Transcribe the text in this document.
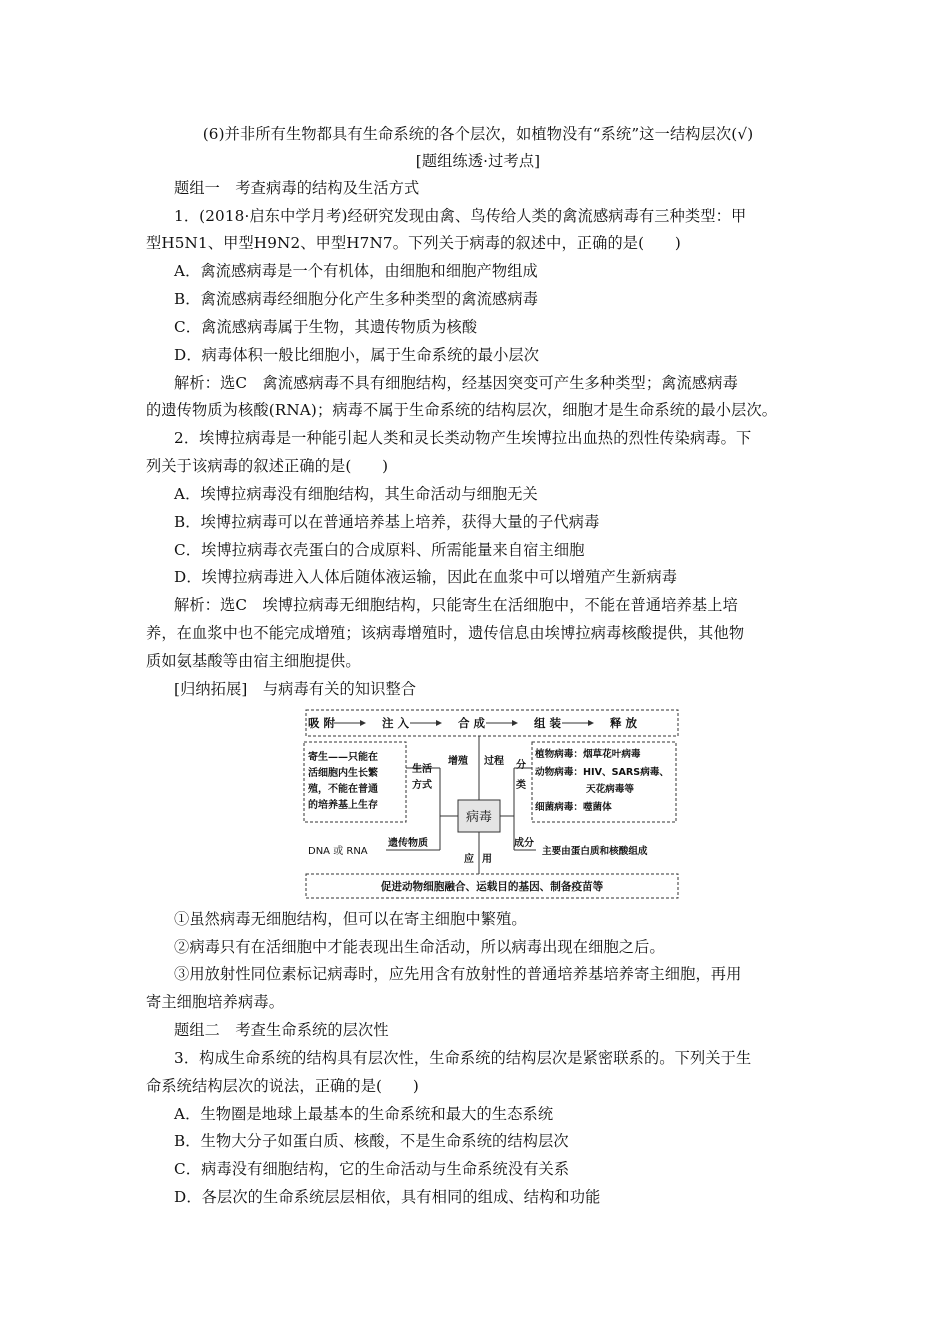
(6)并非所有生物都具有生命系统的各个层次，如植物没有“系统”这一结构层次(√)
[题组练透·过考点]
题组一　考查病毒的结构及生活方式
1．(2018·启东中学月考)经研究发现由禽、鸟传给人类的禽流感病毒有三种类型：甲
型H5N1、甲型H9N2、甲型H7N7。下列关于病毒的叙述中，正确的是(　　)
A．禽流感病毒是一个有机体，由细胞和细胞产物组成
B．禽流感病毒经细胞分化产生多种类型的禽流感病毒
C．禽流感病毒属于生物，其遗传物质为核酸
D．病毒体积一般比细胞小，属于生命系统的最小层次
解析：选C　禽流感病毒不具有细胞结构，经基因突变可产生多种类型；禽流感病毒
的遗传物质为核酸(RNA)；病毒不属于生命系统的结构层次，细胞才是生命系统的最小层次。
2．埃博拉病毒是一种能引起人类和灵长类动物产生埃博拉出血热的烈性传染病毒。下
列关于该病毒的叙述正确的是(　　)
A．埃博拉病毒没有细胞结构，其生命活动与细胞无关
B．埃博拉病毒可以在普通培养基上培养，获得大量的子代病毒
C．埃博拉病毒衣壳蛋白的合成原料、所需能量来自宿主细胞
D．埃博拉病毒进入人体后随体液运输，因此在血浆中可以增殖产生新病毒
解析：选C　埃博拉病毒无细胞结构，只能寄生在活细胞中，不能在普通培养基上培
养，在血浆中也不能完成增殖；该病毒增殖时，遗传信息由埃博拉病毒核酸提供，其他物
质如氨基酸等由宿主细胞提供。
[归纳拓展]　与病毒有关的知识整合
吸 附	注 入	合 成	组 装	释 放
增殖 过程
生活
方式
分
类
寄生——只能在
活细胞内生长繁
殖，不能在普通
的培养基上生存
植物病毒：烟草花叶病毒
动物病毒：HIV、SARS病毒、
天花病毒等
细菌病毒：噬菌体
遗传物质
DNA 或 RNA
成分
主要由蛋白质和核酸组成
应 用
促进动物细胞融合、运载目的基因、制备疫苗等
病毒
①虽然病毒无细胞结构，但可以在寄主细胞中繁殖。
②病毒只有在活细胞中才能表现出生命活动，所以病毒出现在细胞之后。
③用放射性同位素标记病毒时，应先用含有放射性的普通培养基培养寄主细胞，再用
寄主细胞培养病毒。
题组二　考查生命系统的层次性
3．构成生命系统的结构具有层次性，生命系统的结构层次是紧密联系的。下列关于生
命系统结构层次的说法，正确的是(　　)
A．生物圈是地球上最基本的生命系统和最大的生态系统
B．生物大分子如蛋白质、核酸，不是生命系统的结构层次
C．病毒没有细胞结构，它的生命活动与生命系统没有关系
D．各层次的生命系统层层相依，具有相同的组成、结构和功能
